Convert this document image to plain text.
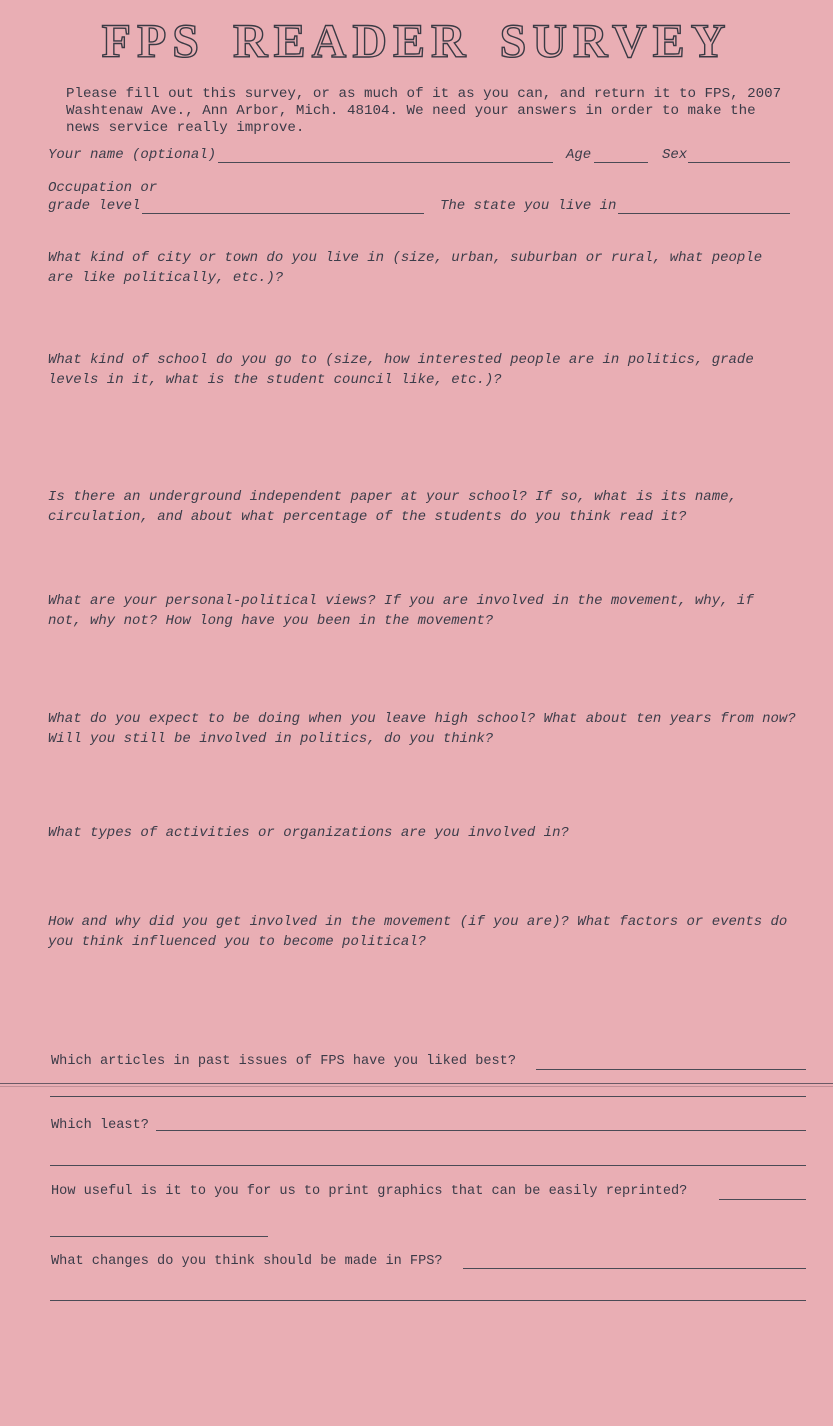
FPS READER SURVEY
Please fill out this survey, or as much of it as you can, and return it to FPS, 2007 Washtenaw Ave., Ann Arbor, Mich. 48104. We need your answers in order to make the news service really improve.
Your name (optional)	Age	Sex
Occupation or
grade level	The state you live in
What kind of city or town do you live in (size, urban, suburban or rural, what people are like politically, etc.)?
What kind of school do you go to (size, how interested people are in politics, grade levels in it, what is the student council like, etc.)?
Is there an underground independent paper at your school? If so, what is its name, circulation, and about what percentage of the students do you think read it?
What are your personal-political views? If you are involved in the movement, why, if not, why not? How long have you been in the movement?
What do you expect to be doing when you leave high school? What about ten years from now? Will you still be involved in politics, do you think?
What types of activities or organizations are you involved in?
How and why did you get involved in the movement (if you are)? What factors or events do you think influenced you to become political?
Which articles in past issues of FPS have you liked best?
Which least?
How useful is it to you for us to print graphics that can be easily reprinted?
What changes do you think should be made in FPS?
